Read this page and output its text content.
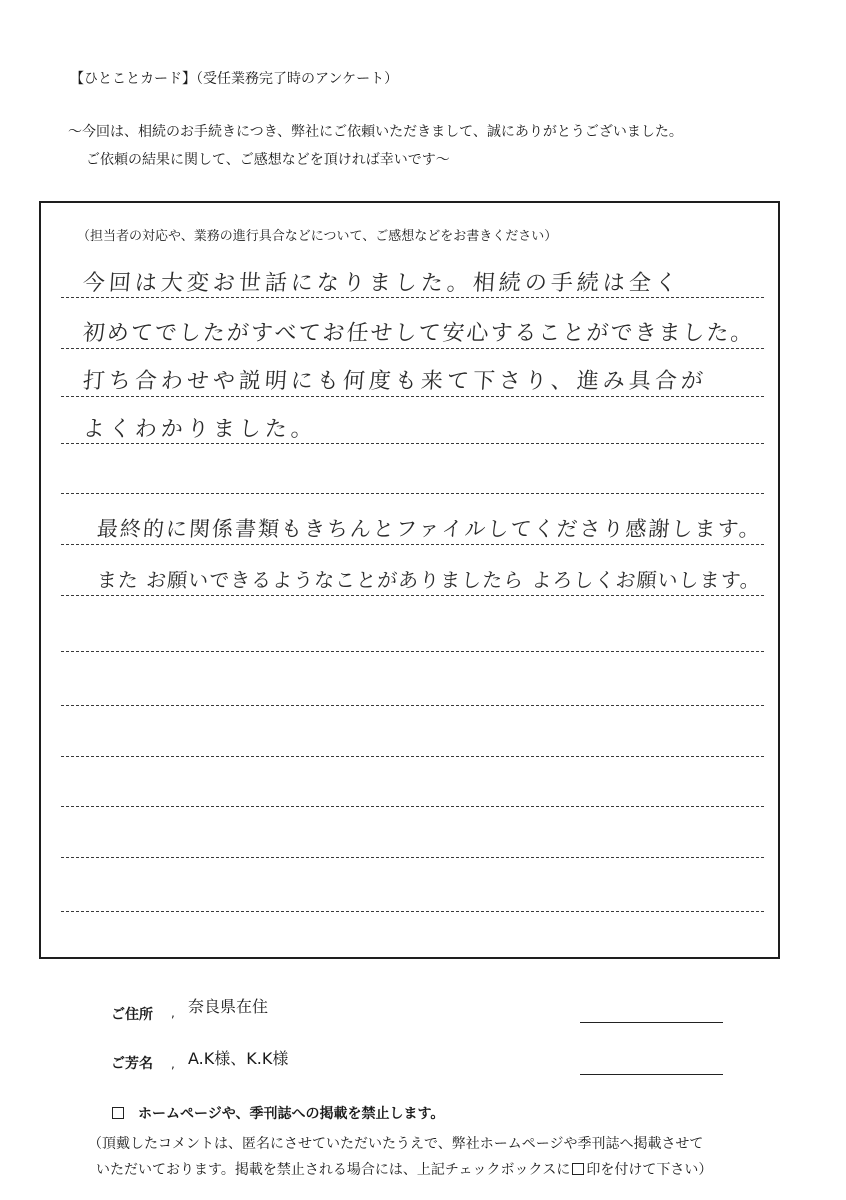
【ひとことカード】（受任業務完了時のアンケート）
～今回は、相続のお手続きにつき、弊社にご依頼いただきまして、誠にありがとうございました。
ご依頼の結果に関して、ご感想などを頂ければ幸いです～
（担当者の対応や、業務の進行具合などについて、ご感想などをお書きください）
今回は大変お世話になりました。相続の手続は全く
初めてでしたがすべてお任せして安心することができました。
打ち合わせや説明にも何度も来て下さり、進み具合が
よくわかりました。
最終的に関係書類もきちんとファイルしてくださり感謝します。
また お願いできるようなことがありましたら よろしくお願いします。
ご住所 , 奈良県在住
ご芳名 , A.K様、K.K様
ホームページや、季刊誌への掲載を禁止します。
（頂戴したコメントは、匿名にさせていただいたうえで、弊社ホームページや季刊誌へ掲載させて
いただいております。掲載を禁止される場合には、上記チェックボックスに 印を付けて下さい）
